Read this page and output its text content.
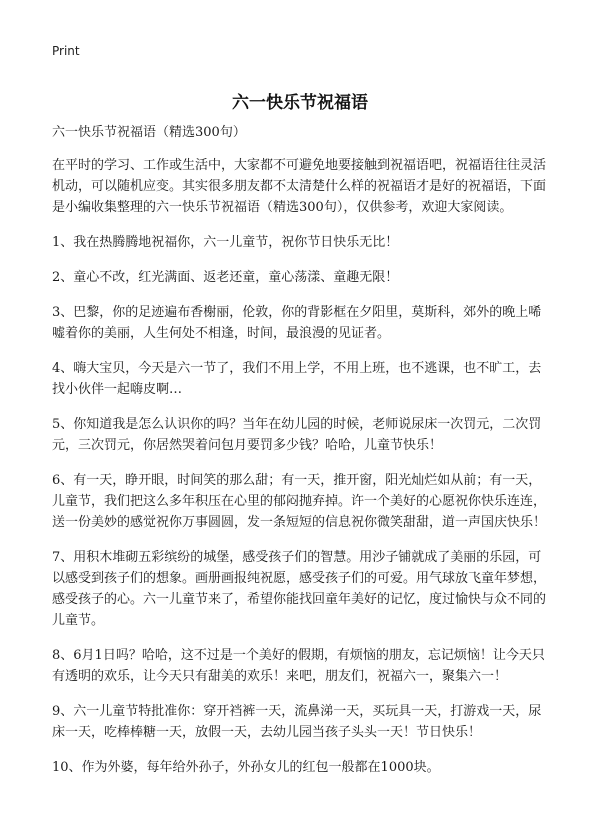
Print
六一快乐节祝福语

六一快乐节祝福语（精选300句）

在平时的学习、工作或生活中，大家都不可避免地要接触到祝福语吧，祝福语往往灵活机动，可以随机应变。其实很多朋友都不太清楚什么样的祝福语才是好的祝福语，下面是小编收集整理的六一快乐节祝福语（精选300句），仅供参考，欢迎大家阅读。

1、我在热腾腾地祝福你，六一儿童节，祝你节日快乐无比！

2、童心不改，红光满面、返老还童，童心荡漾、童趣无限！

3、巴黎，你的足迹遍布香榭丽，伦敦，你的背影框在夕阳里，莫斯科，郊外的晚上唏嘘着你的美丽，人生何处不相逢，时间，最浪漫的见证者。

4、嗨大宝贝，今天是六一节了，我们不用上学，不用上班，也不逃课，也不旷工，去找小伙伴一起嗨皮啊…

5、你知道我是怎么认识你的吗？当年在幼儿园的时候，老师说尿床一次罚元，二次罚元，三次罚元，你居然哭着问包月要罚多少钱？哈哈，儿童节快乐！

6、有一天，睁开眼，时间笑的那么甜；有一天，推开窗，阳光灿烂如从前；有一天，儿童节，我们把这么多年积压在心里的郁闷抛弃掉。许一个美好的心愿祝你快乐连连，送一份美妙的感觉祝你万事圆圆，发一条短短的信息祝你微笑甜甜，道一声国庆快乐！

7、用积木堆砌五彩缤纷的城堡，感受孩子们的智慧。用沙子铺就成了美丽的乐园，可以感受到孩子们的想象。画册画报纯祝愿，感受孩子们的可爱。用气球放飞童年梦想，感受孩子的心。六一儿童节来了，希望你能找回童年美好的记忆，度过愉快与众不同的儿童节。

8、6月1日吗？哈哈，这不过是一个美好的假期，有烦恼的朋友，忘记烦恼！让今天只有透明的欢乐，让今天只有甜美的欢乐！来吧，朋友们，祝福六一，聚集六一！

9、六一儿童节特批准你：穿开裆裤一天，流鼻涕一天，买玩具一天，打游戏一天，尿床一天，吃棒棒糖一天，放假一天，去幼儿园当孩子头头一天！节日快乐！

10、作为外婆，每年给外孙子，外孙女儿的红包一般都在1000块。
